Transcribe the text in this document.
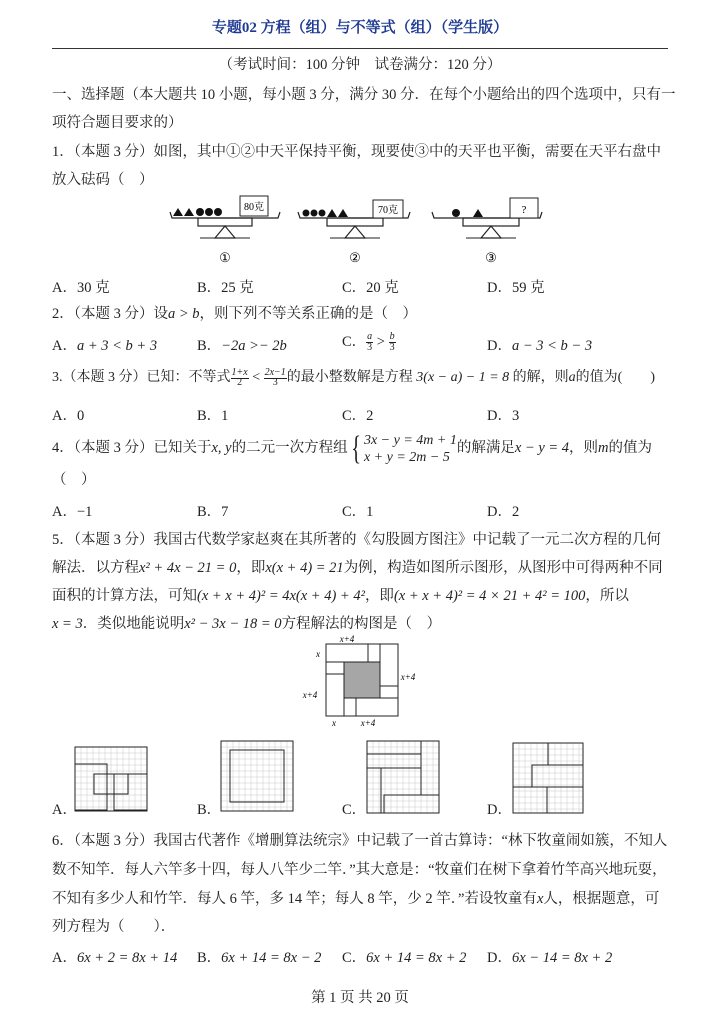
专题02 方程（组）与不等式（组）（学生版）
（考试时间：100 分钟　试卷满分：120 分）
一、选择题（本大题共 10 小题，每小题 3 分，满分 30 分．在每个小题给出的四个选项中，只有一
项符合题目要求的）
1．（本题 3 分）如图，其中①②中天平保持平衡，现要使③中的天平也平衡，需要在天平右盘中
放入砝码（　）
80克
①
70克
②
?
③
A．30 克	B．25 克	C．20 克	D．59 克
2．（本题 3 分）设a > b，则下列不等关系正确的是（　）
A．a + 3 < b + 3	B．−2a >− 2b	C． $\frac{a}{3} > \frac{b}{3}$	D．a − 3 < b − 3
3.（本题 3 分）已知：不等式$\frac{1+x}{2} < \frac{2x-1}{3}$ 的最小整数解是方程 3(x − a) − 1 = 8 的解，则a的值为(　　)
A．0	B．1	C．2	D．3
4．（本题 3 分）已知关于x, y的二元一次方程组{ 3x − y = 4m + 1
x + y = 2m − 5
的解满足x − y = 4，则m的值为
（　）
A．−1	B．7	C．1	D．2
5．（本题 3 分）我国古代数学家赵爽在其所著的《勾股圆方图注》中记载了一元二次方程的几何
解法．以方程x² + 4x − 21 = 0，即x(x + 4) = 21为例，构造如图所示图形，从图形中可得两种不同
面积的计算方法，可知(x + x + 4)² = 4x(x + 4) + 4²，即(x + x + 4)² = 4 × 21 + 4² = 100，所以
x = 3．类似地能说明x² − 3x − 18 = 0方程解法的构图是（　）
x+4
x
x+4
x+4
x	x+4
A．	B．	C．	D．
6．（本题 3 分）我国古代著作《增删算法统宗》中记载了一首古算诗：“林下牧童闹如簇，不知人
数不知竿．每人六竿多十四，每人八竿少二竿．”其大意是：“牧童们在树下拿着竹竿高兴地玩耍，
不知有多少人和竹竿．每人 6 竿，多 14 竿；每人 8 竿，少 2 竿．”若设牧童有x人，根据题意，可
列方程为（　　）．
A．6x + 2 = 8x + 14 B．6x + 14 = 8x − 2 C．6x + 14 = 8x + 2 D．6x − 14 = 8x + 2
第 1 页 共 20 页
